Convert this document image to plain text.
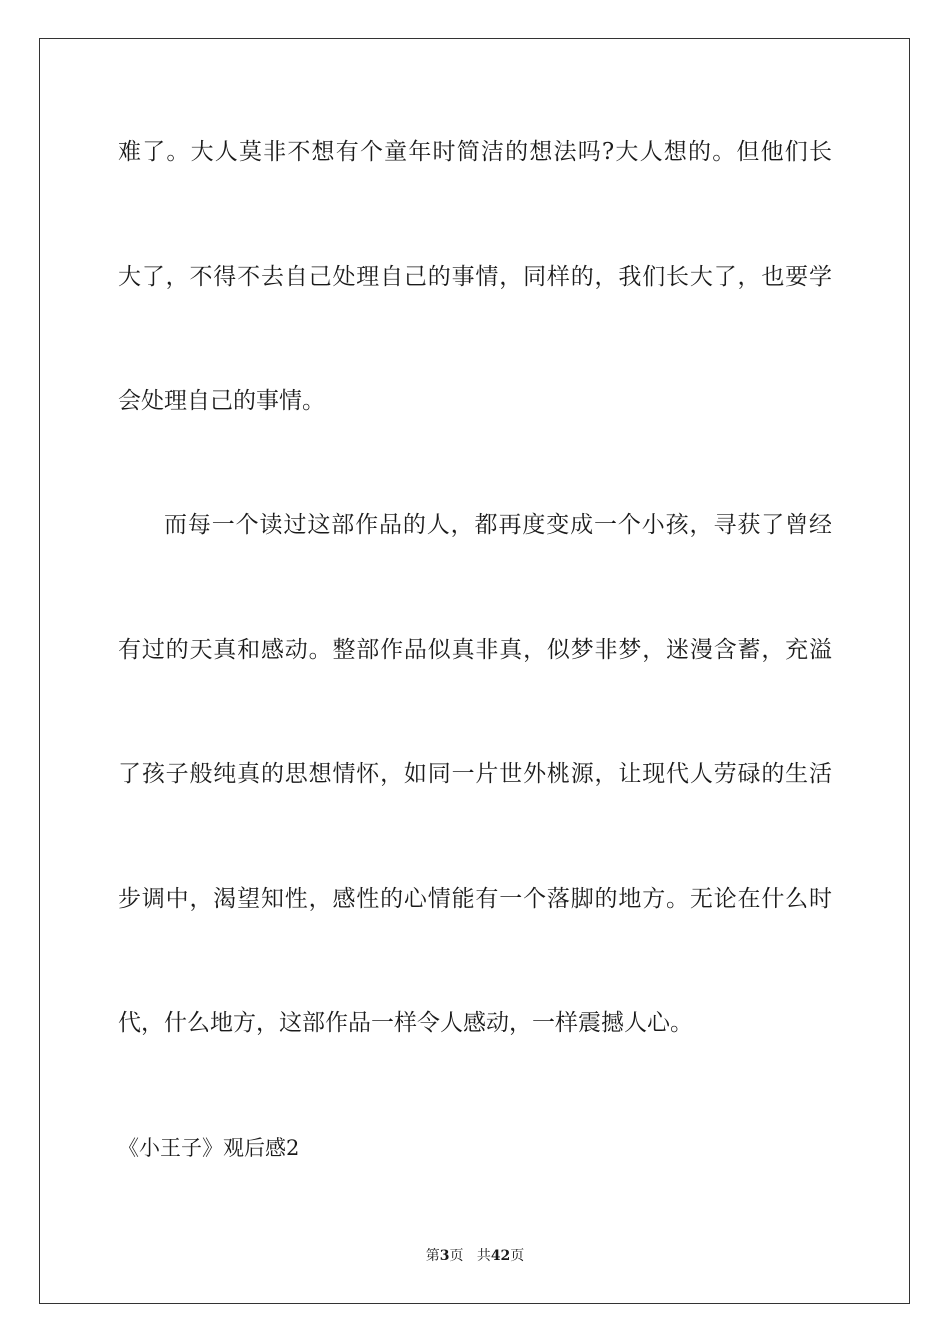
难了。大人莫非不想有个童年时简洁的想法吗?大人想的。但他们长
大了，不得不去自己处理自己的事情，同样的，我们长大了，也要学
会处理自己的事情。
而每一个读过这部作品的人，都再度变成一个小孩，寻获了曾经
有过的天真和感动。整部作品似真非真，似梦非梦，迷漫含蓄，充溢
了孩子般纯真的思想情怀，如同一片世外桃源，让现代人劳碌的生活
步调中，渴望知性，感性的心情能有一个落脚的地方。无论在什么时
代，什么地方，这部作品一样令人感动，一样震撼人心。
《小王子》观后感2
第3页 共42页
